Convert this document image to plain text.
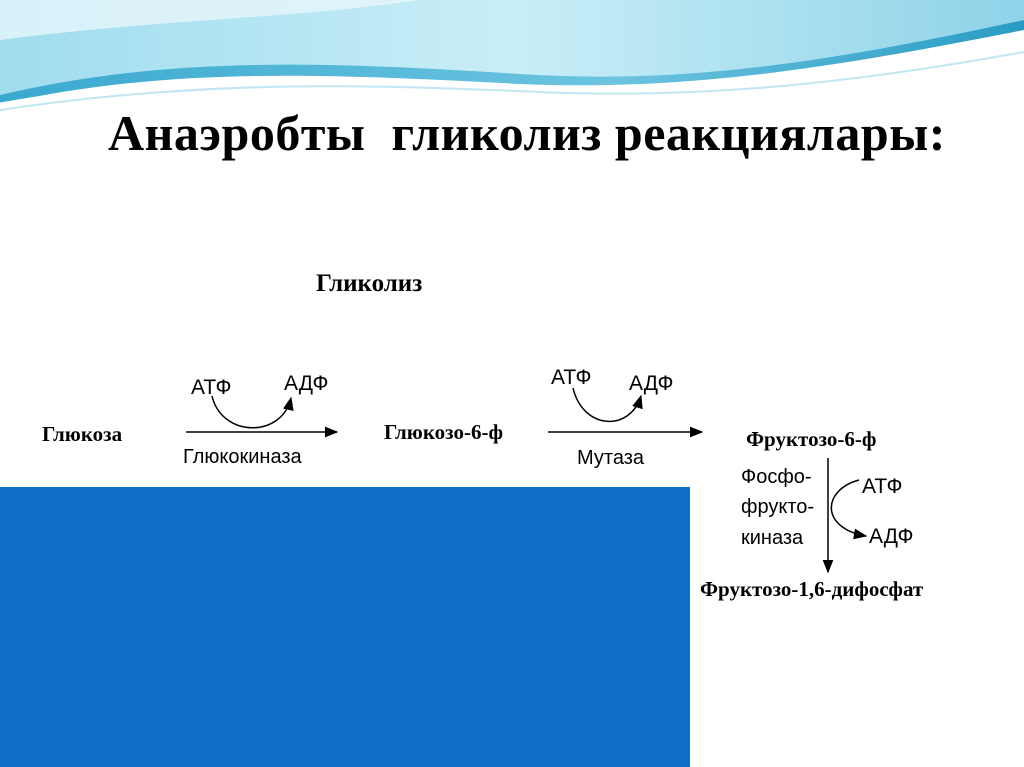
Анаэробты  гликолиз реакциялары:
Гликолиз
Глюкоза	Глюкозо-6-ф	Фруктозо-6-ф
Фруктозо-1,6-дифосфат
АТФ	АДФ
Глюкокиназа
АТФ АДФ
Мутаза
Фосфо-
фрукто-
киназа
АТФ
АДФ
